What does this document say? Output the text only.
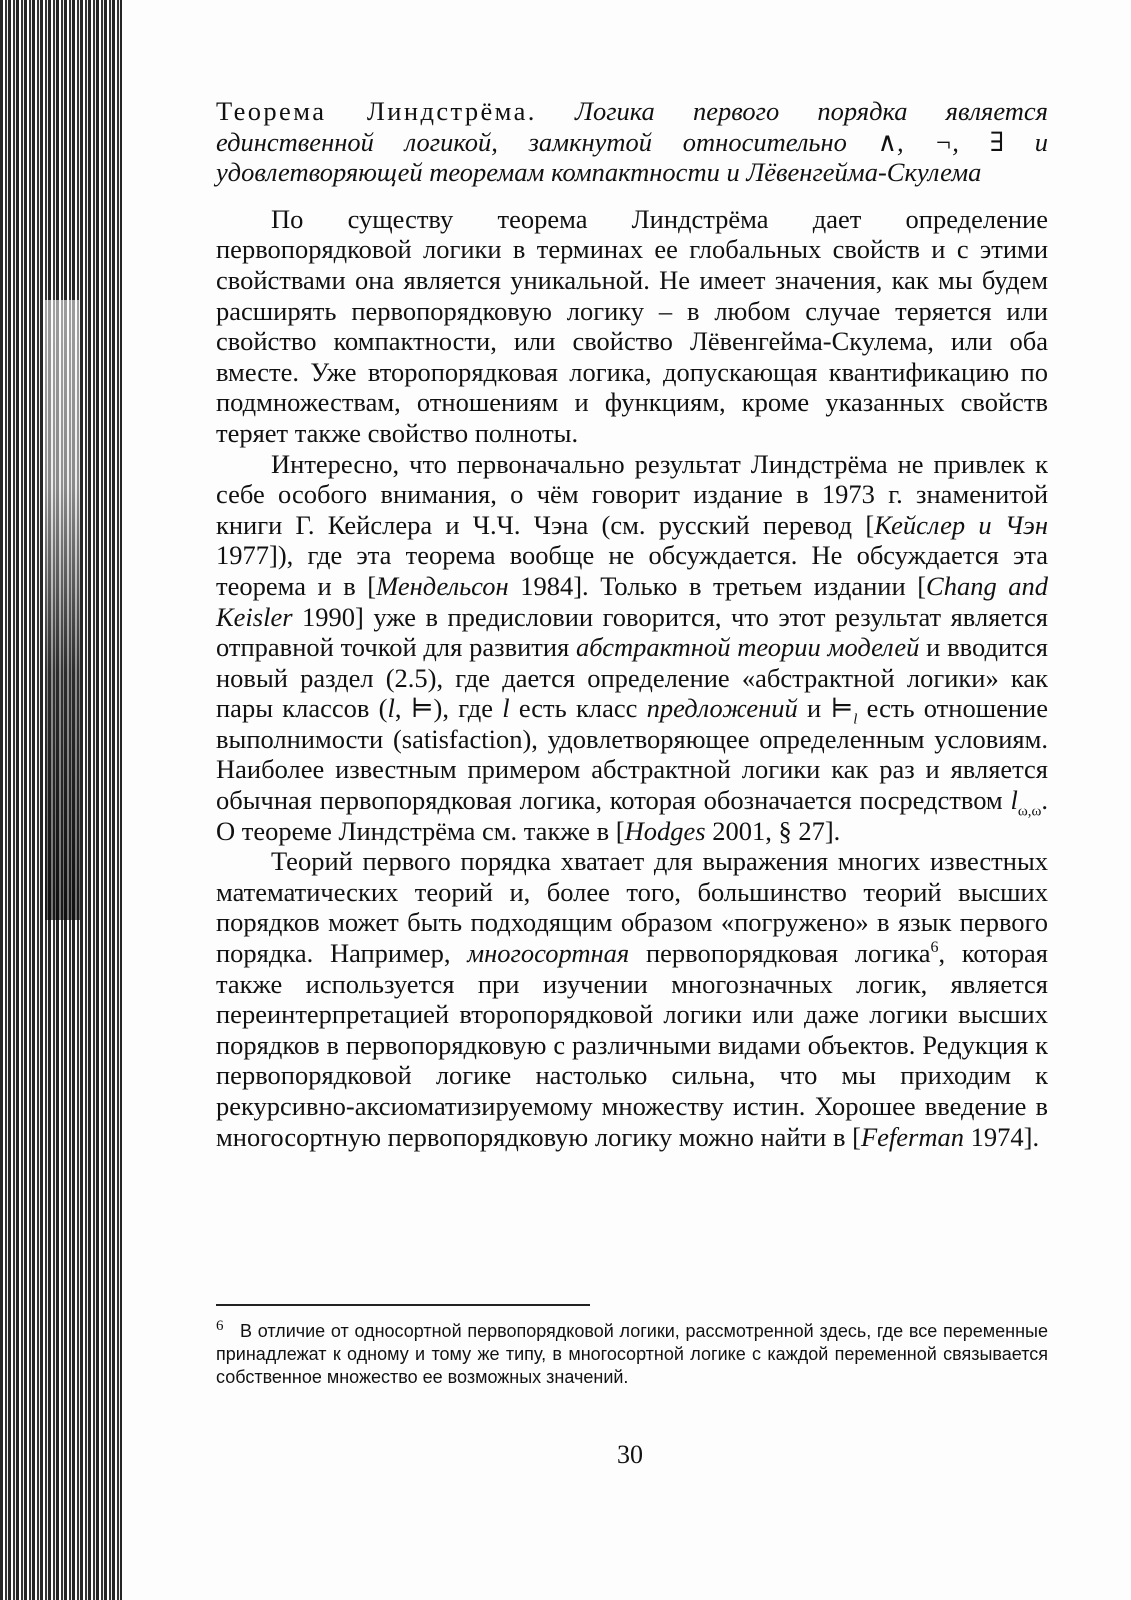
Теорема Линдстрёма. Логика первого порядка является единственной логикой, замкнутой относительно ∧, ¬, ∃ и удовлетворяющей теоремам компактности и Лёвенгейма-Скулема

По существу теорема Линдстрёма дает определение первопорядковой логики в терминах ее глобальных свойств и с этими свойствами она является уникальной. Не имеет значения, как мы будем расширять первопорядковую логику – в любом случае теряется или свойство компактности, или свойство Лёвенгейма-Скулема, или оба вместе. Уже второпорядковая логика, допускающая квантификацию по подмножествам, отношениям и функциям, кроме указанных свойств теряет также свойство полноты.

Интересно, что первоначально результат Линдстрёма не привлек к себе особого внимания, о чём говорит издание в 1973 г. знаменитой книги Г. Кейслера и Ч.Ч. Чэна (см. русский перевод [Кейслер и Чэн 1977]), где эта теорема вообще не обсуждается. Не обсуждается эта теорема и в [Мендельсон 1984]. Только в третьем издании [Chang and Keisler 1990] уже в предисловии говорится, что этот результат является отправной точкой для развития абстрактной теории моделей и вводится новый раздел (2.5), где дается определение «абстрактной логики» как пары классов (l, ⊨), где l есть класс предложений и $⊨_l$ есть отношение выполнимости (satisfaction), удовлетворяющее определенным условиям. Наиболее известным примером абстрактной логики как раз и является обычная первопорядковая логика, которая обозначается посредством $l_{\omega,\omega}$. О теореме Линдстрёма см. также в [Hodges 2001, § 27].

Теорий первого порядка хватает для выражения многих известных математических теорий и, более того, большинство теорий высших порядков может быть подходящим образом «погружено» в язык первого порядка. Например, многосортная первопорядковая логика$^6$, которая также используется при изучении многозначных логик, является переинтерпретацией второпорядковой логики или даже логики высших порядков в первопорядковую с различными видами объектов. Редукция к первопорядковой логике настолько сильна, что мы приходим к рекурсивно-аксиоматизируемому множеству истин. Хорошее введение в многосортную первопорядковую логику можно найти в [Feferman 1974].

6 В отличие от односортной первопорядковой логики, рассмотренной здесь, где все переменные принадлежат к одному и тому же типу, в многосортной логике с каждой переменной связывается собственное множество ее возможных значений.
30
